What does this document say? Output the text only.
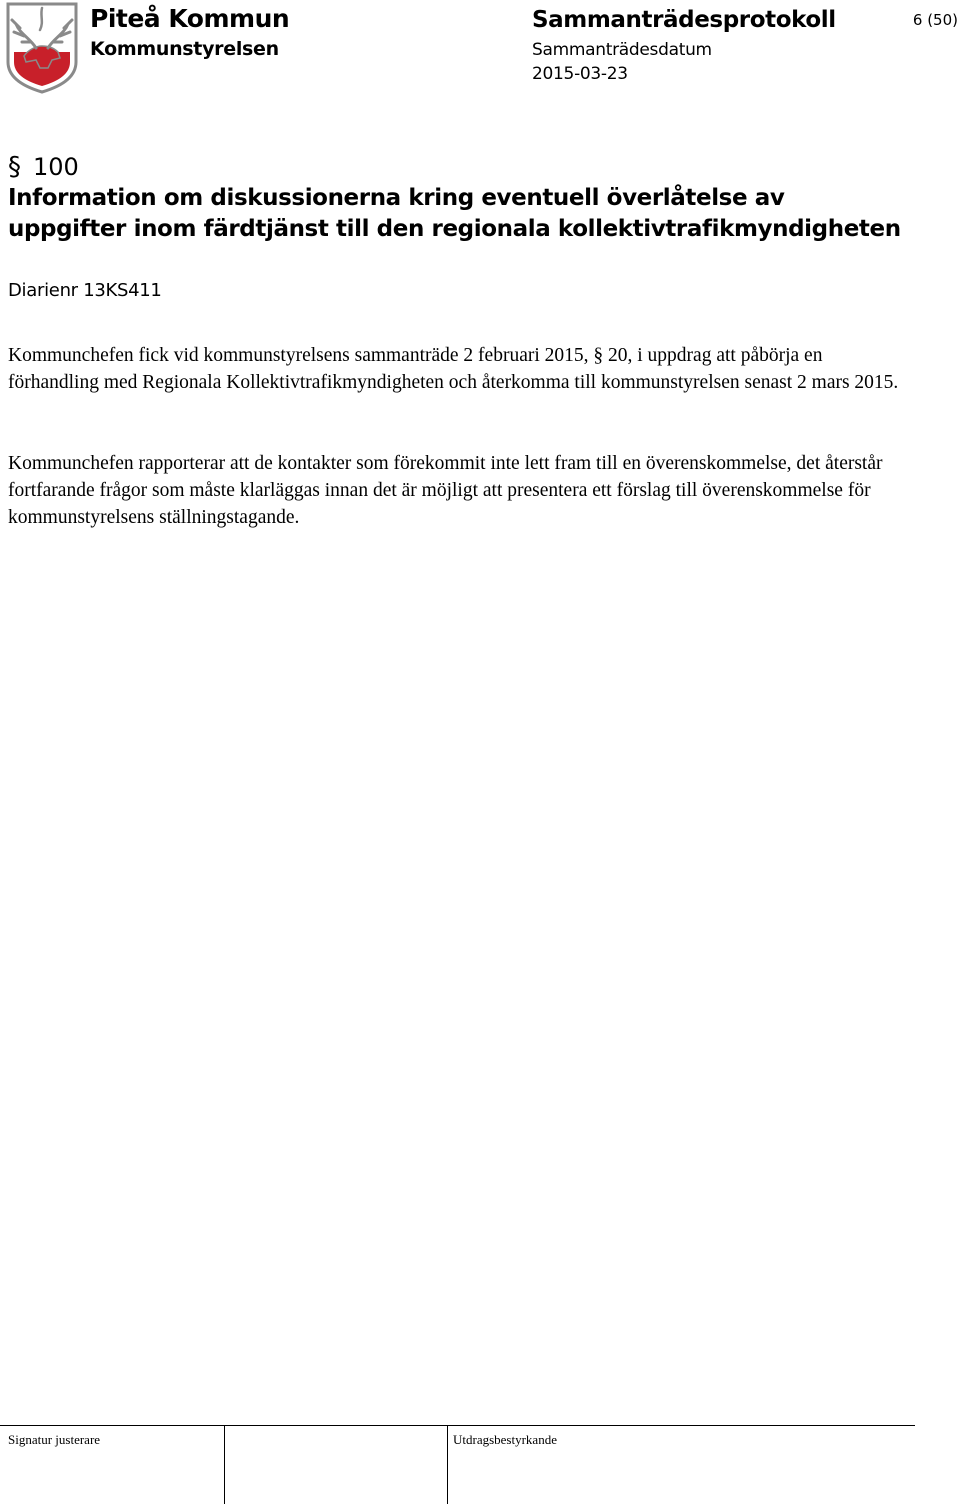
Piteå Kommun
Kommunstyrelsen
Sammanträdesprotokoll
Sammanträdesdatum
2015-03-23
6 (50)
§ 100
Information om diskussionerna kring eventuell överlåtelse av uppgifter inom färdtjänst till den regionala kollektivtrafikmyndigheten
Diarienr 13KS411

Kommunchefen fick vid kommunstyrelsens sammanträde 2 februari 2015, § 20, i uppdrag att påbörja en förhandling med Regionala Kollektivtrafikmyndigheten och återkomma till kommunstyrelsen senast 2 mars 2015.

Kommunchefen rapporterar att de kontakter som förekommit inte lett fram till en överenskommelse, det återstår fortfarande frågor som måste klarläggas innan det är möjligt att presentera ett förslag till överenskommelse för kommunstyrelsens ställningstagande.

Signatur justerare	Utdragsbestyrkande
